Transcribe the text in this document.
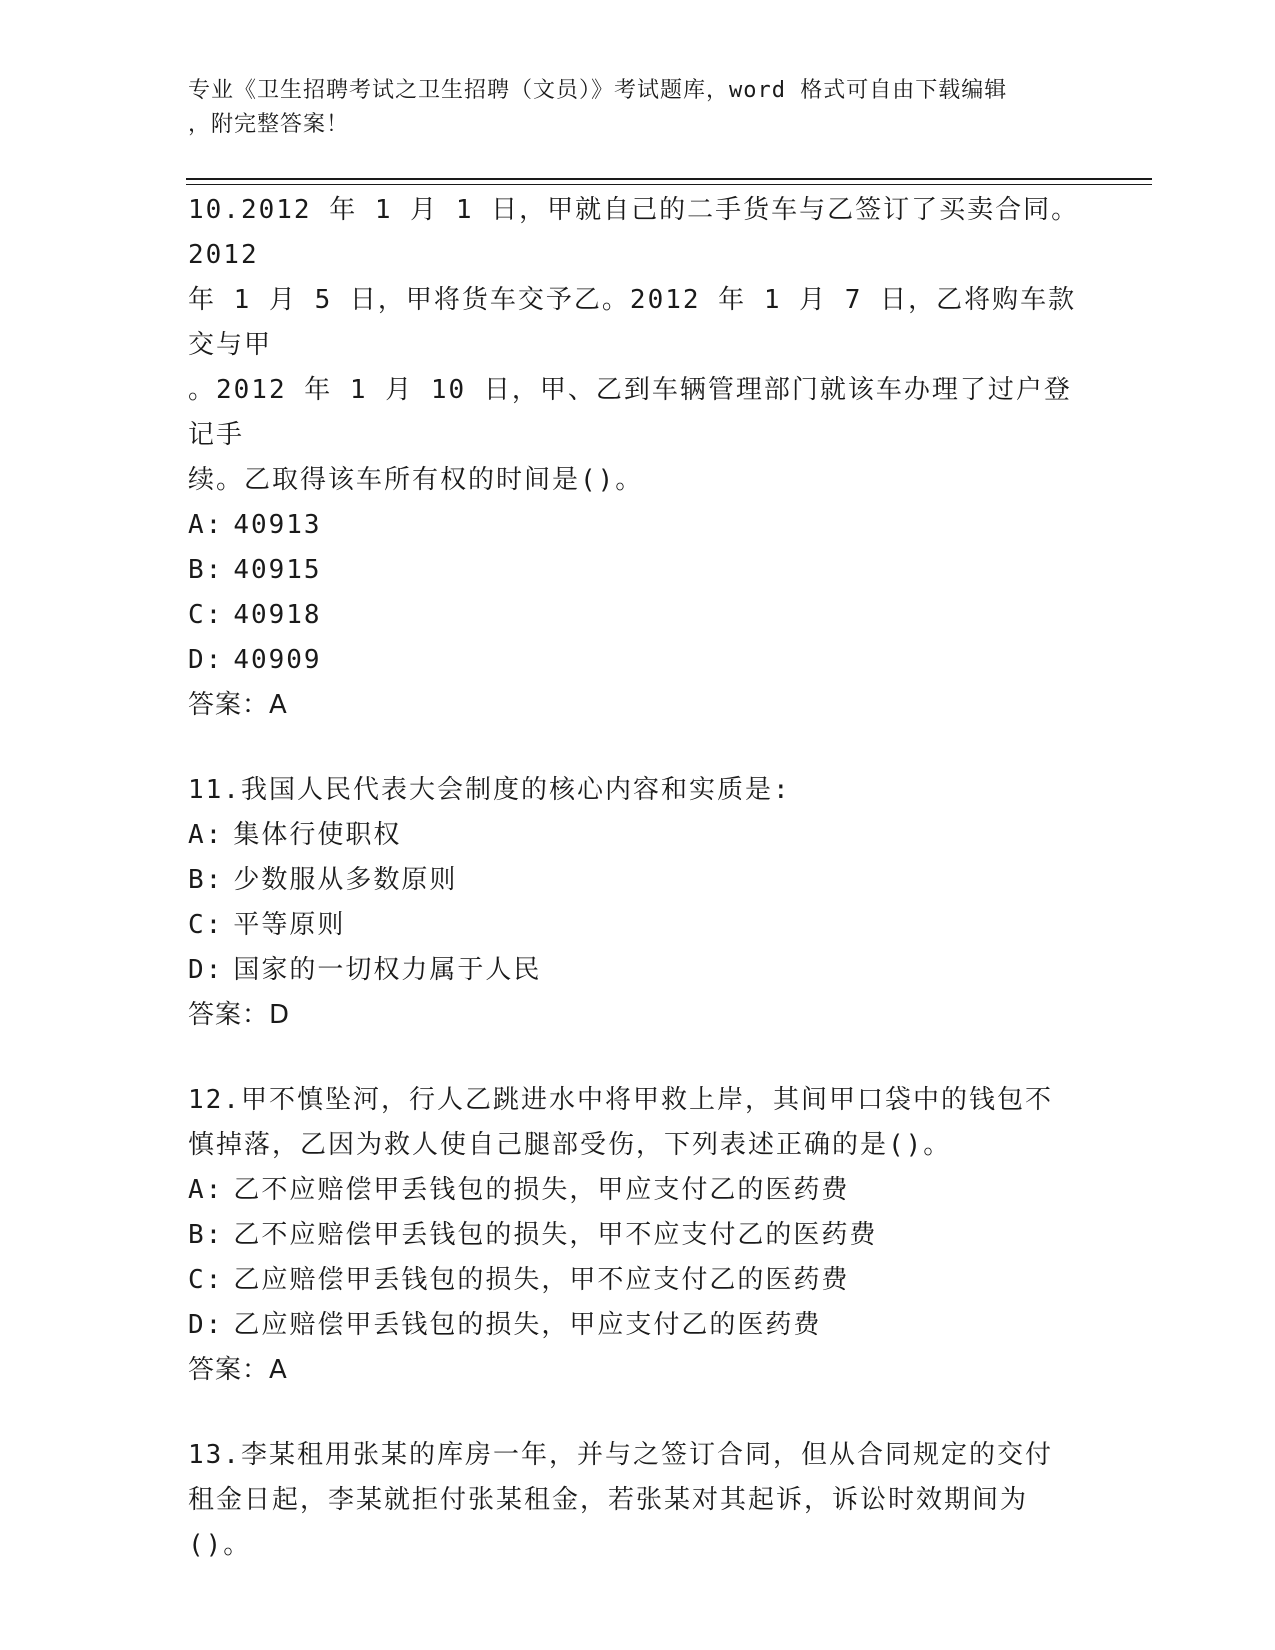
专业《卫生招聘考试之卫生招聘（文员）》考试题库，word 格式可自由下载编辑
，附完整答案！
10.2012 年 1 月 1 日，甲就自己的二手货车与乙签订了买卖合同。2012
年 1 月 5 日，甲将货车交予乙。2012 年 1 月 7 日，乙将购车款交与甲
。2012 年 1 月 10 日，甲、乙到车辆管理部门就该车办理了过户登记手
续。乙取得该车所有权的时间是()。
A: 40913
B: 40915
C: 40918
D: 40909
答案：A
11.我国人民代表大会制度的核心内容和实质是:
A: 集体行使职权
B: 少数服从多数原则
C: 平等原则
D: 国家的一切权力属于人民
答案：D
12.甲不慎坠河，行人乙跳进水中将甲救上岸，其间甲口袋中的钱包不
慎掉落，乙因为救人使自己腿部受伤，下列表述正确的是()。
A: 乙不应赔偿甲丢钱包的损失，甲应支付乙的医药费
B: 乙不应赔偿甲丢钱包的损失，甲不应支付乙的医药费
C: 乙应赔偿甲丢钱包的损失，甲不应支付乙的医药费
D: 乙应赔偿甲丢钱包的损失，甲应支付乙的医药费
答案：A
13.李某租用张某的库房一年，并与之签订合同，但从合同规定的交付
租金日起，李某就拒付张某租金，若张某对其起诉，诉讼时效期间为
()。
